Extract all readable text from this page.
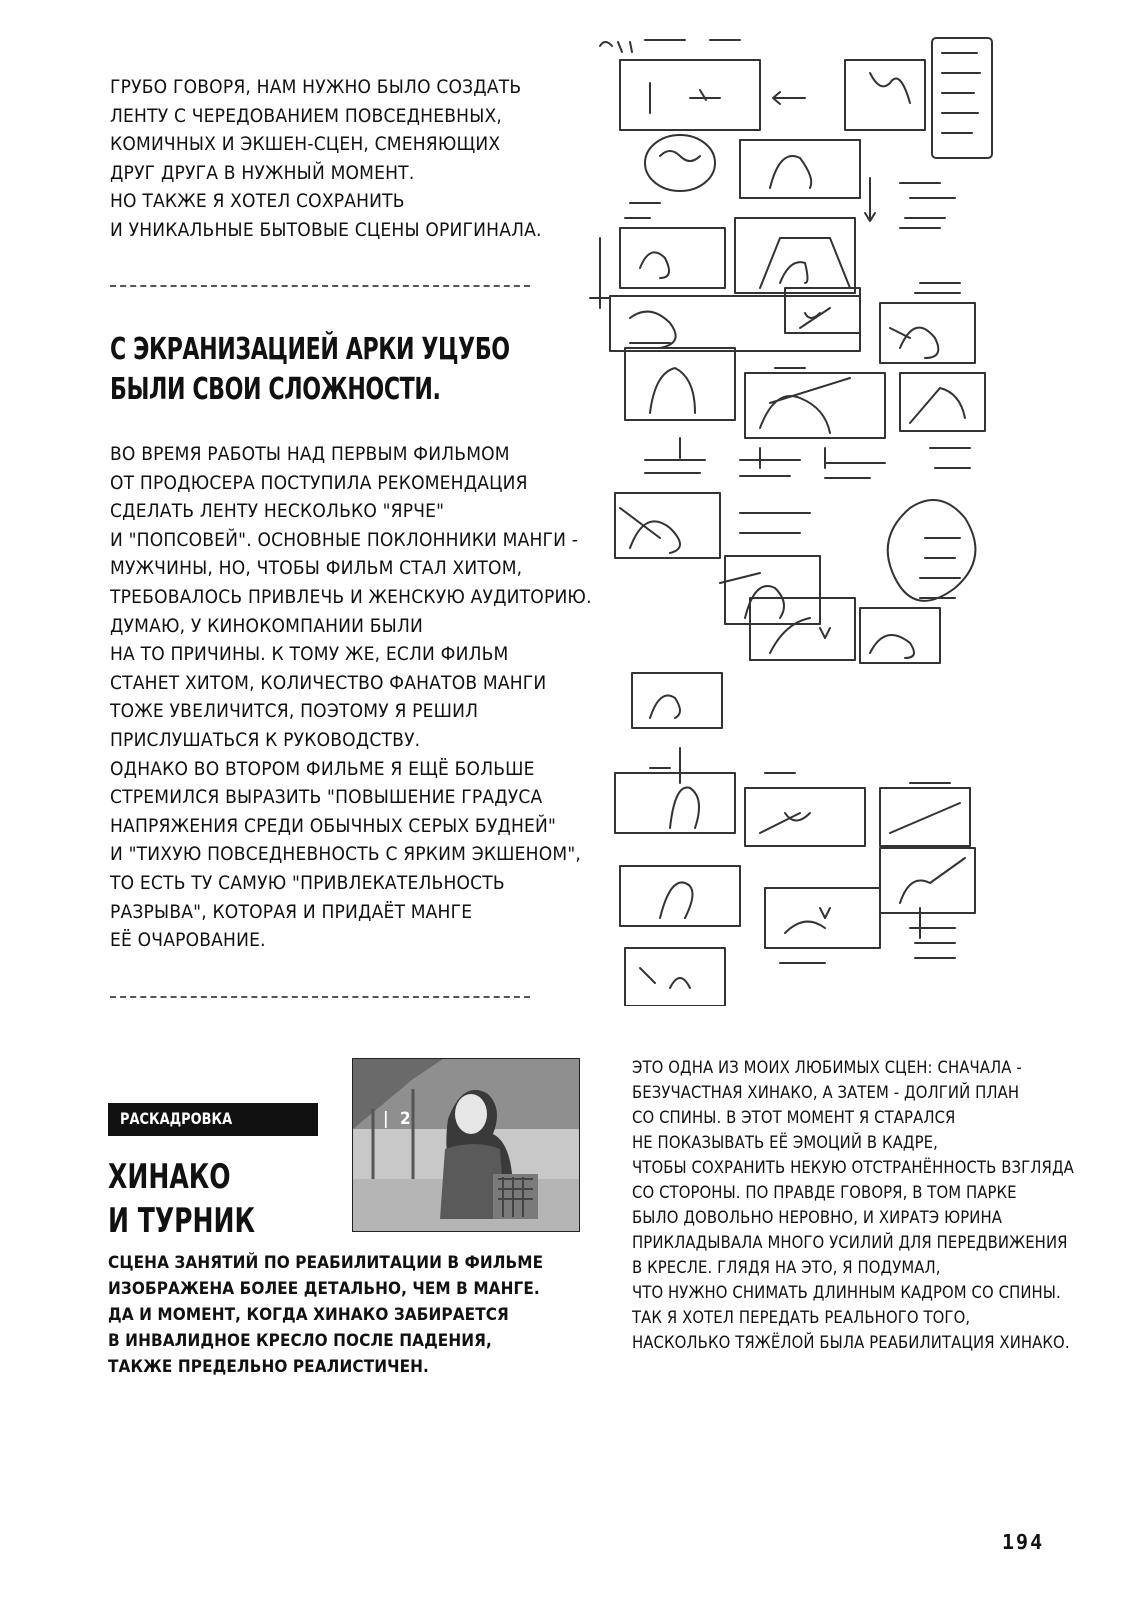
ГРУБО ГОВОРЯ, НАМ НУЖНО БЫЛО СОЗДАТЬ

ЛЕНТУ С ЧЕРЕДОВАНИЕМ ПОВСЕДНЕВНЫХ,

КОМИЧНЫХ И ЭКШЕН-СЦЕН, СМЕНЯЮЩИХ

ДРУГ ДРУГА В НУЖНЫЙ МОМЕНТ.

НО ТАКЖЕ Я ХОТЕЛ СОХРАНИТЬ

И УНИКАЛЬНЫЕ БЫТОВЫЕ СЦЕНЫ ОРИГИНАЛА.

С ЭКРАНИЗАЦИЕЙ АРКИ УЦУБО

БЫЛИ СВОИ СЛОЖНОСТИ.

ВО ВРЕМЯ РАБОТЫ НАД ПЕРВЫМ ФИЛЬМОМ

ОТ ПРОДЮСЕРА ПОСТУПИЛА РЕКОМЕНДАЦИЯ

СДЕЛАТЬ ЛЕНТУ НЕСКОЛЬКО "ЯРЧЕ"

И "ПОПСОВЕЙ". ОСНОВНЫЕ ПОКЛОННИКИ МАНГИ -

МУЖЧИНЫ, НО, ЧТОБЫ ФИЛЬМ СТАЛ ХИТОМ,

ТРЕБОВАЛОСЬ ПРИВЛЕЧЬ И ЖЕНСКУЮ АУДИТОРИЮ.

ДУМАЮ, У КИНОКОМПАНИИ БЫЛИ

НА ТО ПРИЧИНЫ. К ТОМУ ЖЕ, ЕСЛИ ФИЛЬМ

СТАНЕТ ХИТОМ, КОЛИЧЕСТВО ФАНАТОВ МАНГИ

ТОЖЕ УВЕЛИЧИТСЯ, ПОЭТОМУ Я РЕШИЛ

ПРИСЛУШАТЬСЯ К РУКОВОДСТВУ.

ОДНАКО ВО ВТОРОМ ФИЛЬМЕ Я ЕЩЁ БОЛЬШЕ

СТРЕМИЛСЯ ВЫРАЗИТЬ "ПОВЫШЕНИЕ ГРАДУСА

НАПРЯЖЕНИЯ СРЕДИ ОБЫЧНЫХ СЕРЫХ БУДНЕЙ"

И "ТИХУЮ ПОВСЕДНЕВНОСТЬ С ЯРКИМ ЭКШЕНОМ",

ТО ЕСТЬ ТУ САМУЮ "ПРИВЛЕКАТЕЛЬНОСТЬ

РАЗРЫВА", КОТОРАЯ И ПРИДАЁТ МАНГЕ

ЕЁ ОЧАРОВАНИЕ.

РАСКАДРОВКА	| 2

ХИНАКО

И ТУРНИК

СЦЕНА ЗАНЯТИЙ ПО РЕАБИЛИТАЦИИ В ФИЛЬМЕ

ИЗОБРАЖЕНА БОЛЕЕ ДЕТАЛЬНО, ЧЕМ В МАНГЕ.

ДА И МОМЕНТ, КОГДА ХИНАКО ЗАБИРАЕТСЯ

В ИНВАЛИДНОЕ КРЕСЛО ПОСЛЕ ПАДЕНИЯ,

ТАКЖЕ ПРЕДЕЛЬНО РЕАЛИСТИЧЕН.

ЭТО ОДНА ИЗ МОИХ ЛЮБИМЫХ СЦЕН: СНАЧАЛА -

БЕЗУЧАСТНАЯ ХИНАКО, А ЗАТЕМ - ДОЛГИЙ ПЛАН

СО СПИНЫ. В ЭТОТ МОМЕНТ Я СТАРАЛСЯ

НЕ ПОКАЗЫВАТЬ ЕЁ ЭМОЦИЙ В КАДРЕ,

ЧТОБЫ СОХРАНИТЬ НЕКУЮ ОТСТРАНЁННОСТЬ ВЗГЛЯДА

СО СТОРОНЫ. ПО ПРАВДЕ ГОВОРЯ, В ТОМ ПАРКЕ

БЫЛО ДОВОЛЬНО НЕРОВНО, И ХИРАТЭ ЮРИНА

ПРИКЛАДЫВАЛА МНОГО УСИЛИЙ ДЛЯ ПЕРЕДВИЖЕНИЯ

В КРЕСЛЕ. ГЛЯДЯ НА ЭТО, Я ПОДУМАЛ,

ЧТО НУЖНО СНИМАТЬ ДЛИННЫМ КАДРОМ СО СПИНЫ.

ТАК Я ХОТЕЛ ПЕРЕДАТЬ РЕАЛЬНОГО ТОГО,

НАСКОЛЬКО ТЯЖЁЛОЙ БЫЛА РЕАБИЛИТАЦИЯ ХИНАКО.

194
